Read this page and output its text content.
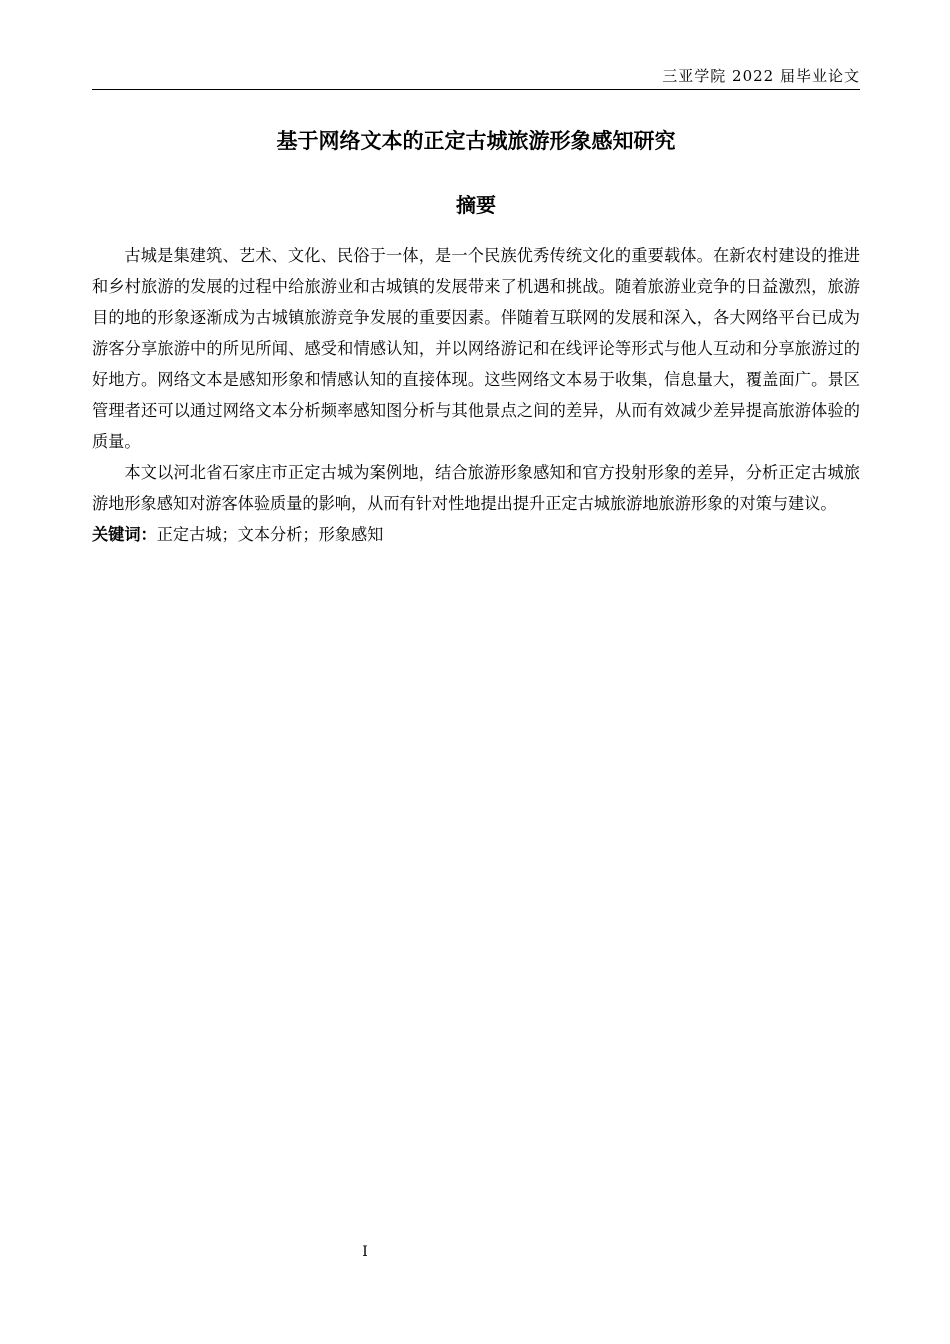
三亚学院 2022 届毕业论文
基于网络文本的正定古城旅游形象感知研究
摘要

古城是集建筑、艺术、文化、民俗于一体，是一个民族优秀传统文化的重要载体。在新农村建设的推进和乡村旅游的发展的过程中给旅游业和古城镇的发展带来了机遇和挑战。随着旅游业竞争的日益激烈，旅游目的地的形象逐渐成为古城镇旅游竞争发展的重要因素。伴随着互联网的发展和深入，各大网络平台已成为游客分享旅游中的所见所闻、感受和情感认知，并以网络游记和在线评论等形式与他人互动和分享旅游过的好地方。网络文本是感知形象和情感认知的直接体现。这些网络文本易于收集，信息量大，覆盖面广。景区管理者还可以通过网络文本分析频率感知图分析与其他景点之间的差异，从而有效减少差异提高旅游体验的质量。

本文以河北省石家庄市正定古城为案例地，结合旅游形象感知和官方投射形象的差异，分析正定古城旅游地形象感知对游客体验质量的影响，从而有针对性地提出提升正定古城旅游地旅游形象的对策与建议。

关键词：正定古城；文本分析；形象感知

I
